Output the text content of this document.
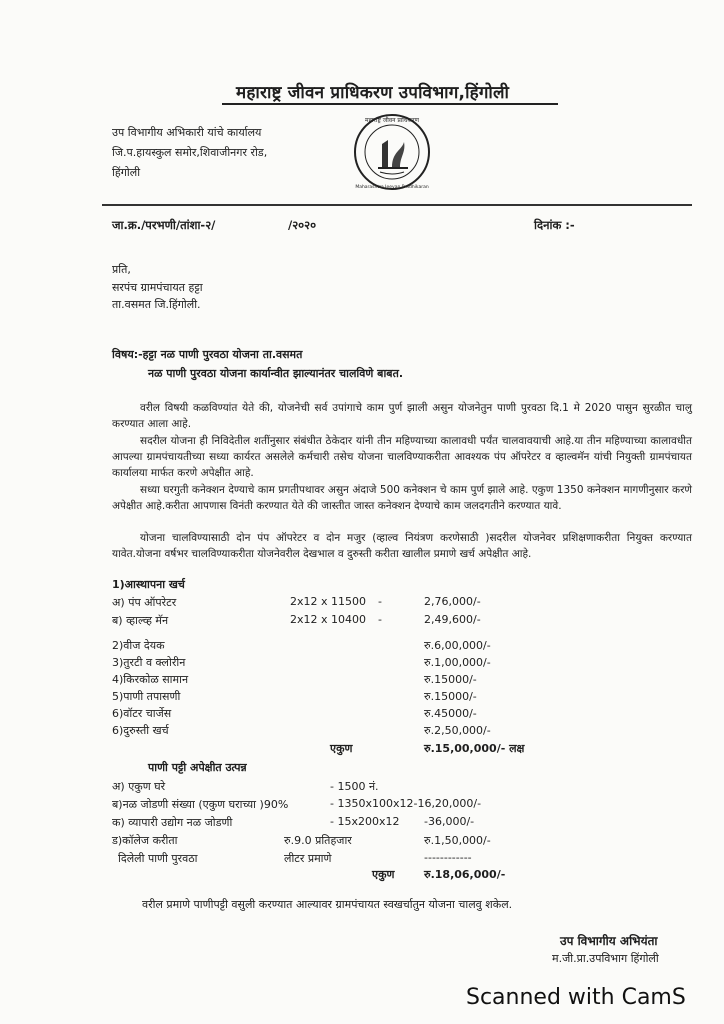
महाराष्ट्र जीवन प्राधिकरण उपविभाग,हिंगोली
उप विभागीय अभिकारी यांचे कार्यालय
जि.प.हायस्कुल समोर,शिवाजीनगर रोड,
हिंगोली
महाराष्ट्र जीवन प्राधिकरण
Maharashtra Jeevan Pradhikaran
जा.क्र./परभणी/तांशा-२/	/२०२०	दिनांक :-
प्रति,
सरपंच ग्रामपंचायत हट्टा
ता.वसमत जि.हिंगोली.
विषय:-हट्टा नळ पाणी पुरवठा योजना ता.वसमत
नळ पाणी पुरवठा योजना कार्यान्वीत झाल्यानंतर चालविणे बाबत.
वरील विषयी कळविण्यांत येते की, योजनेची सर्व उपांगाचे काम पुर्ण झाली असुन योजनेतुन पाणी पुरवठा दि.1 मे 2020 पासुन सुरळीत चालु करण्यात आला आहे.
सदरील योजना ही निविदेतील शतींनुसार संबंधीत ठेकेदार यांनी तीन महिण्याच्या कालावधी पर्यंत चालवावयाची आहे.या तीन महिण्याच्या कालावधीत आपल्या ग्रामपंचायतीच्या सध्या कार्यरत असलेले कर्मचारी तसेच योजना चालविण्याकरीता आवश्यक पंप ऑपरेटर व व्हाल्वमॅन यांची नियुक्ती ग्रामपंचायत कार्यालया मार्फत करणे अपेक्षीत आहे.
सध्या घरगुती कनेक्शन देण्याचे काम प्रगतीपथावर असुन अंदाजे 500 कनेक्शन चे काम पुर्ण झाले आहे. एकुण 1350 कनेक्शन मागणीनुसार करणे अपेक्षीत आहे.करीता आपणास विनंती करण्यात येते की जास्तीत जास्त कनेक्शन देण्याचे काम जलदगतीने करण्यात यावे.
योजना चालविण्यासाठी दोन पंप ऑपरेटर व दोन मजुर (व्हाल्व नियंत्रण करणेसाठी )सदरील योजनेवर प्रशिक्षणाकरीता नियुक्त करण्यात यावेत.योजना वर्षभर चालविण्याकरीता योजनेवरील देखभाल व दुरुस्ती करीता खालील प्रमाणे खर्च अपेक्षीत आहे.
1)आस्थापना खर्च
अ) पंप ऑपरेटर	2x12 x 11500 -	2,76,000/-
ब) व्हाल्व्ह मॅन	2x12 x 10400 -	2,49,600/-
2)वीज देयक	रु.6,00,000/-
3)तुरटी व क्लोरीन	रु.1,00,000/-
4)किरकोळ सामान	रु.15000/-
5)पाणी तपासणी	रु.15000/-
6)वॉटर चार्जेस	रु.45000/-
6)दुरुस्ती खर्च	रु.2,50,000/-
एकुण	रु.15,00,000/- लक्ष
पाणी पट्टी अपेक्षीत उत्पन्न
अ) एकुण घरे	- 1500 नं.
ब)नळ जोडणी संख्या (एकुण घराच्या )90%	- 1350x100x12-16,20,000/-
क) व्यापारी उद्योग नळ जोडणी	- 15x200x12 -36,000/-
ड)कॉलेज करीता	रु.9.0 प्रतिहजार	रु.1,50,000/-
दिलेली पाणी पुरवठा	लीटर प्रमाणे	------------
एकुण	रु.18,06,000/-
वरील प्रमाणे पाणीपट्टी वसुली करण्यात आल्यावर ग्रामपंचायत स्वखर्चातुन योजना चालवु शकेल.
उप विभागीय अभियंता
म.जी.प्रा.उपविभाग हिंगोली
Scanned with CamS
